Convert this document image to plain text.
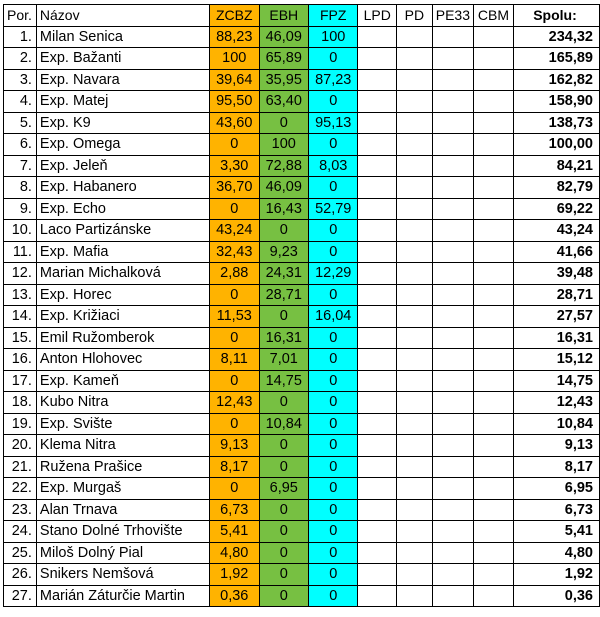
Por.	Názov	ZCBZ	EBH	FPZ	LPD	PD	PE33	CBM	Spolu:
1.	Milan Senica	88,23	46,09	100					234,32
2.	Exp. Bažanti	100	65,89	0					165,89
3.	Exp. Navara	39,64	35,95	87,23					162,82
4.	Exp. Matej	95,50	63,40	0					158,90
5.	Exp. K9	43,60	0	95,13					138,73
6.	Exp. Omega	0	100	0					100,00
7.	Exp. Jeleň	3,30	72,88	8,03					84,21
8.	Exp. Habanero	36,70	46,09	0					82,79
9.	Exp. Echo	0	16,43	52,79					69,22
10.	Laco Partizánske	43,24	0	0					43,24
11.	Exp. Mafia	32,43	9,23	0					41,66
12.	Marian Michalková	2,88	24,31	12,29					39,48
13.	Exp. Horec	0	28,71	0					28,71
14.	Exp. Križiaci	11,53	0	16,04					27,57
15.	Emil Ružomberok	0	16,31	0					16,31
16.	Anton Hlohovec	8,11	7,01	0					15,12
17.	Exp. Kameň	0	14,75	0					14,75
18.	Kubo Nitra	12,43	0	0					12,43
19.	Exp. Svište	0	10,84	0					10,84
20.	Klema Nitra	9,13	0	0					9,13
21.	Ružena Prašice	8,17	0	0					8,17
22.	Exp. Murgaš	0	6,95	0					6,95
23.	Alan Trnava	6,73	0	0					6,73
24.	Stano Dolné Trhovište	5,41	0	0					5,41
25.	Miloš Dolný Pial	4,80	0	0					4,80
26.	Snikers Nemšová	1,92	0	0					1,92
27.	Marián Záturčie Martin	0,36	0	0					0,36
